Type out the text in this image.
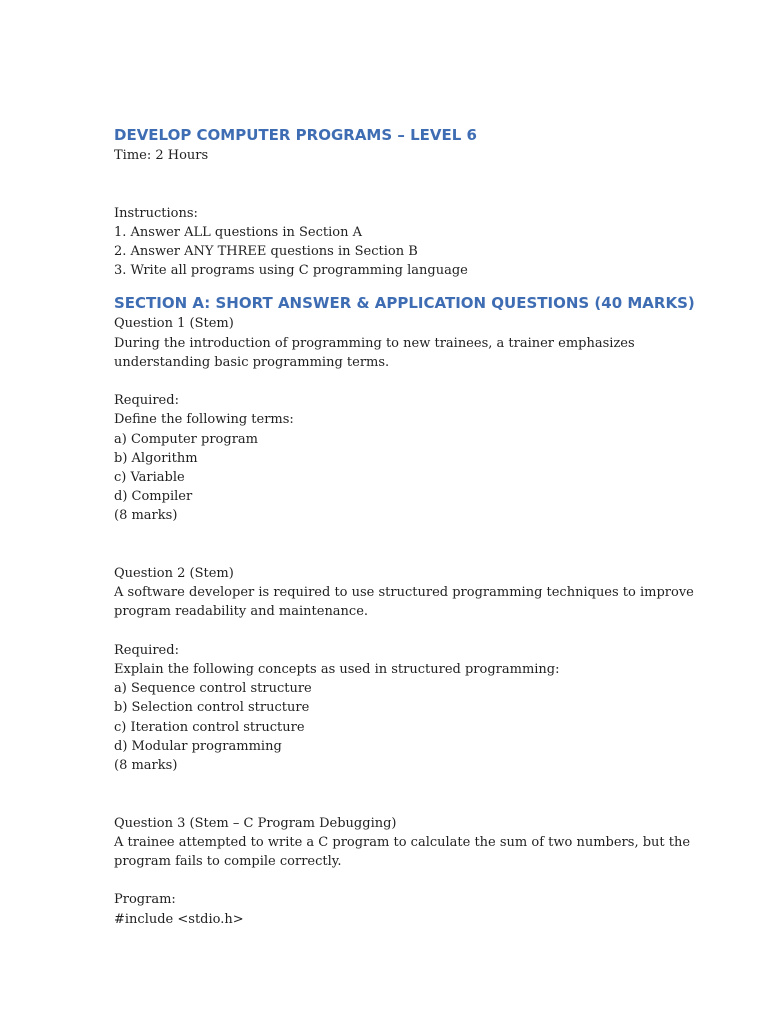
DEVELOP COMPUTER PROGRAMS – LEVEL 6
Time: 2 Hours
Instructions:
1. Answer ALL questions in Section A
2. Answer ANY THREE questions in Section B
3. Write all programs using C programming language
SECTION A: SHORT ANSWER & APPLICATION QUESTIONS (40 MARKS)
Question 1 (Stem)
During the introduction of programming to new trainees, a trainer emphasizes
understanding basic programming terms.
Required:
Define the following terms:
a) Computer program
b) Algorithm
c) Variable
d) Compiler
(8 marks)
Question 2 (Stem)
A software developer is required to use structured programming techniques to improve
program readability and maintenance.
Required:
Explain the following concepts as used in structured programming:
a) Sequence control structure
b) Selection control structure
c) Iteration control structure
d) Modular programming
(8 marks)
Question 3 (Stem – C Program Debugging)
A trainee attempted to write a C program to calculate the sum of two numbers, but the
program fails to compile correctly.
Program:
#include <stdio.h>
